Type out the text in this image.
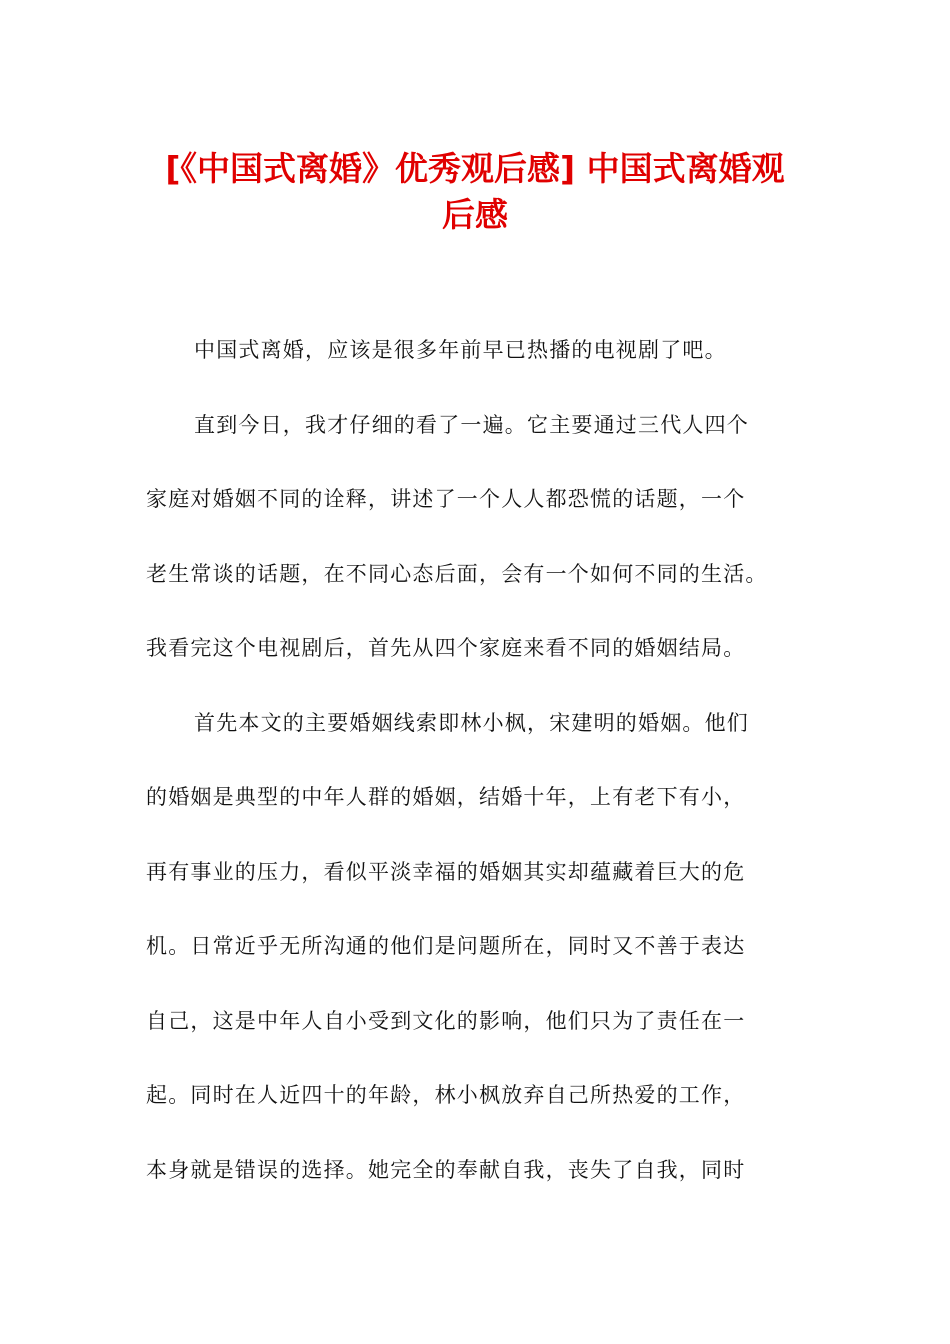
[《中国式离婚》优秀观后感] 中国式离婚观
后感
中国式离婚，应该是很多年前早已热播的电视剧了吧。
直到今日，我才仔细的看了一遍。它主要通过三代人四个
家庭对婚姻不同的诠释，讲述了一个人人都恐慌的话题，一个
老生常谈的话题，在不同心态后面，会有一个如何不同的生活。
我看完这个电视剧后，首先从四个家庭来看不同的婚姻结局。
首先本文的主要婚姻线索即林小枫，宋建明的婚姻。他们
的婚姻是典型的中年人群的婚姻，结婚十年，上有老下有小，
再有事业的压力，看似平淡幸福的婚姻其实却蕴藏着巨大的危
机。日常近乎无所沟通的他们是问题所在，同时又不善于表达
自己，这是中年人自小受到文化的影响，他们只为了责任在一
起。同时在人近四十的年龄，林小枫放弃自己所热爱的工作，
本身就是错误的选择。她完全的奉献自我，丧失了自我，同时
